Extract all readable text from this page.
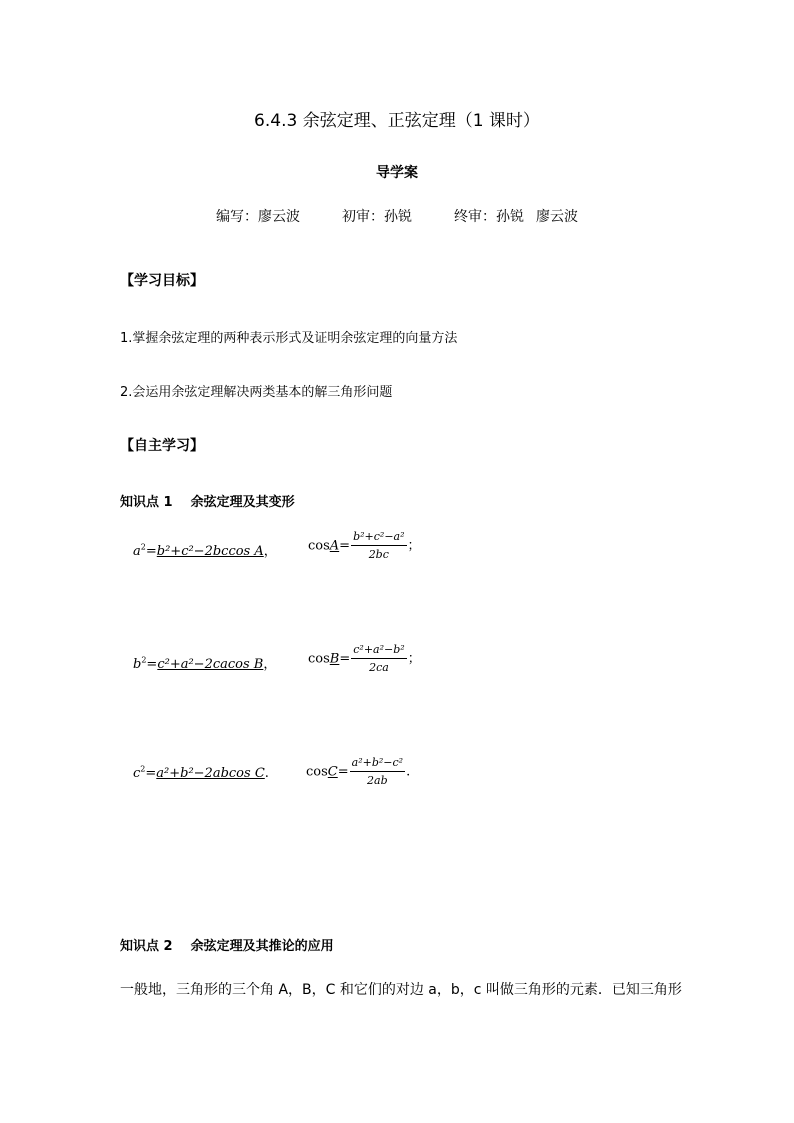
6.4.3 余弦定理、正弦定理（1 课时）
导学案
编写：廖云波	初审：孙锐	终审：孙锐 廖云波
【学习目标】
1.掌握余弦定理的两种表示形式及证明余弦定理的向量方法
2.会运用余弦定理解决两类基本的解三角形问题
【自主学习】
知识点 1 余弦定理及其变形
$a^2=b^2+c^2-2bccos$ A， $\cos A= \frac{\text{b²+c²−a²}}{2bc}$ ；
$b^2=c^2+a^2-2cacos$ B， $\cos B= \frac{\text{c²+a²−b²}}{2ca}$ ；
$c^2=a^2+b^2-2abcos$ C.	$\cos C= \frac{\text{a²+b²−c²}}{2ab}$ .
知识点 2 余弦定理及其推论的应用
一般地，三角形的三个角 A，B，C 和它们的对边 a，b，c 叫做三角形的元素．已知三角形
